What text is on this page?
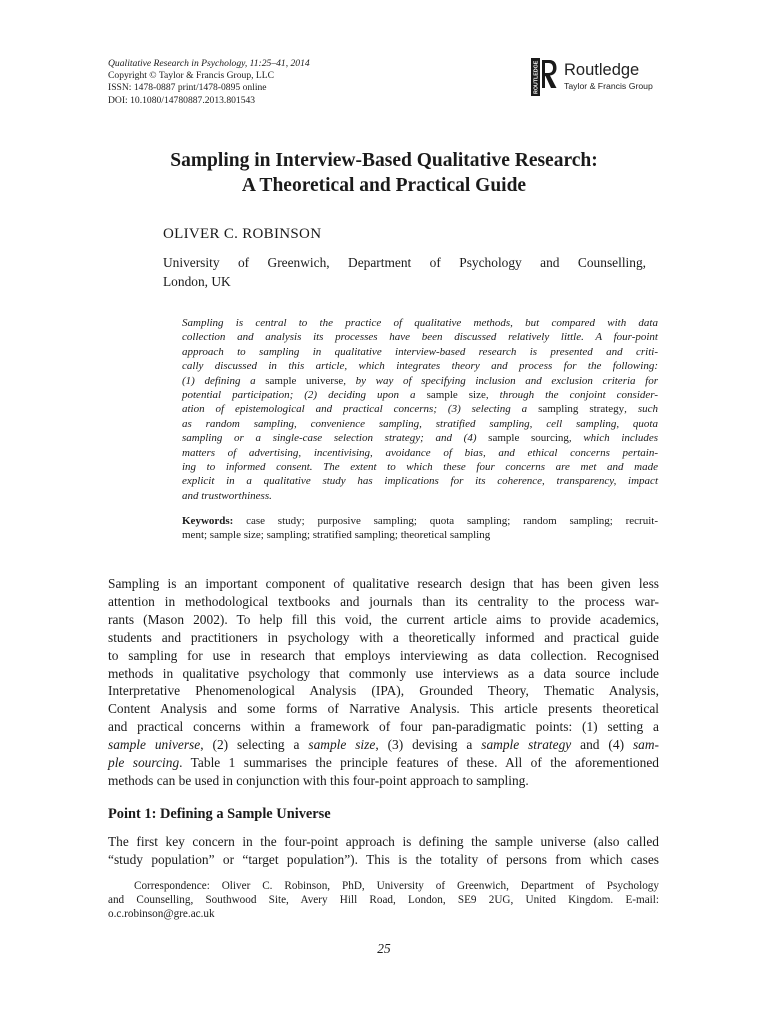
Qualitative Research in Psychology, 11:25–41, 2014
Copyright © Taylor & Francis Group, LLC
ISSN: 1478-0887 print/1478-0895 online
DOI: 10.1080/14780887.2013.801543
ROUTLEDGE Routledge
Taylor & Francis Group
Sampling in Interview-Based Qualitative Research:
A Theoretical and Practical Guide
OLIVER C. ROBINSON
University of Greenwich, Department of Psychology and Counselling,
London, UK
Sampling is central to the practice of qualitative methods, but compared with data
collection and analysis its processes have been discussed relatively little. A four-point
approach to sampling in qualitative interview-based research is presented and criti-
cally discussed in this article, which integrates theory and process for the following:
(1) defining a sample universe, by way of specifying inclusion and exclusion criteria for
potential participation; (2) deciding upon a sample size, through the conjoint consider-
ation of epistemological and practical concerns; (3) selecting a sampling strategy, such
as random sampling, convenience sampling, stratified sampling, cell sampling, quota
sampling or a single-case selection strategy; and (4) sample sourcing, which includes
matters of advertising, incentivising, avoidance of bias, and ethical concerns pertain-
ing to informed consent. The extent to which these four concerns are met and made
explicit in a qualitative study has implications for its coherence, transparency, impact
and trustworthiness.
Keywords: case study; purposive sampling; quota sampling; random sampling; recruit-
ment; sample size; sampling; stratified sampling; theoretical sampling
Sampling is an important component of qualitative research design that has been given less
attention in methodological textbooks and journals than its centrality to the process war-
rants (Mason 2002). To help fill this void, the current article aims to provide academics,
students and practitioners in psychology with a theoretically informed and practical guide
to sampling for use in research that employs interviewing as data collection. Recognised
methods in qualitative psychology that commonly use interviews as a data source include
Interpretative Phenomenological Analysis (IPA), Grounded Theory, Thematic Analysis,
Content Analysis and some forms of Narrative Analysis. This article presents theoretical
and practical concerns within a framework of four pan-paradigmatic points: (1) setting a
sample universe, (2) selecting a sample size, (3) devising a sample strategy and (4) sam-
ple sourcing. Table 1 summarises the principle features of these. All of the aforementioned
methods can be used in conjunction with this four-point approach to sampling.
Point 1: Defining a Sample Universe
The first key concern in the four-point approach is defining the sample universe (also called
“study population” or “target population”). This is the totality of persons from which cases
Correspondence: Oliver C. Robinson, PhD, University of Greenwich, Department of Psychology
and Counselling, Southwood Site, Avery Hill Road, London, SE9 2UG, United Kingdom. E-mail:
o.c.robinson@gre.ac.uk
25
